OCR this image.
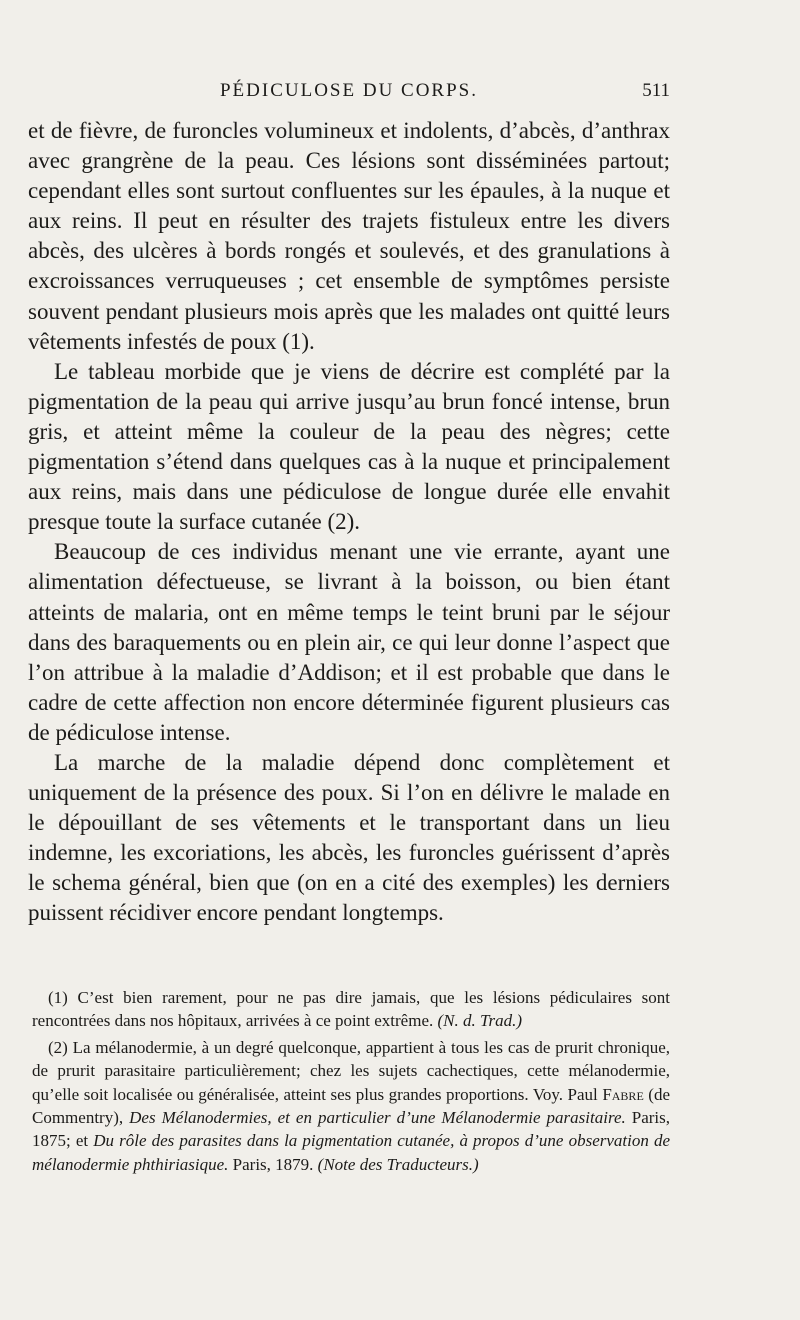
PÉDICULOSE DU CORPS.	511

et de fièvre, de furoncles volumineux et indolents, d’abcès, d’anthrax avec grangrène de la peau. Ces lésions sont disséminées partout; cependant elles sont surtout confluentes sur les épaules, à la nuque et aux reins. Il peut en résulter des trajets fistuleux entre les divers abcès, des ulcères à bords rongés et soulevés, et des granulations à excroissances verruqueuses ; cet ensemble de symptômes persiste souvent pendant plusieurs mois après que les malades ont quitté leurs vêtements infestés de poux (1).

Le tableau morbide que je viens de décrire est complété par la pigmentation de la peau qui arrive jusqu’au brun foncé intense, brun gris, et atteint même la couleur de la peau des nègres; cette pigmentation s’étend dans quelques cas à la nuque et principalement aux reins, mais dans une pédiculose de longue durée elle envahit presque toute la surface cutanée (2).

Beaucoup de ces individus menant une vie errante, ayant une alimentation défectueuse, se livrant à la boisson, ou bien étant atteints de malaria, ont en même temps le teint bruni par le séjour dans des baraquements ou en plein air, ce qui leur donne l’aspect que l’on attribue à la maladie d’Addison; et il est probable que dans le cadre de cette affection non encore déterminée figurent plusieurs cas de pédiculose intense.

La marche de la maladie dépend donc complètement et uniquement de la présence des poux. Si l’on en délivre le malade en le dépouillant de ses vêtements et le transportant dans un lieu indemne, les excoriations, les abcès, les furoncles guérissent d’après le schema général, bien que (on en a cité des exemples) les derniers puissent récidiver encore pendant longtemps.

(1) C’est bien rarement, pour ne pas dire jamais, que les lésions pédiculaires sont rencontrées dans nos hôpitaux, arrivées à ce point extrême. (N. d. Trad.)

(2) La mélanodermie, à un degré quelconque, appartient à tous les cas de prurit chronique, de prurit parasitaire particulièrement; chez les sujets cachectiques, cette mélanodermie, qu’elle soit localisée ou généralisée, atteint ses plus grandes proportions. Voy. Paul Fabre (de Commentry), Des Mélanodermies, et en particulier d’une Mélanodermie parasitaire. Paris, 1875; et Du rôle des parasites dans la pigmentation cutanée, à propos d’une observation de mélanodermie phthiriasique. Paris, 1879. (Note des Traducteurs.)
